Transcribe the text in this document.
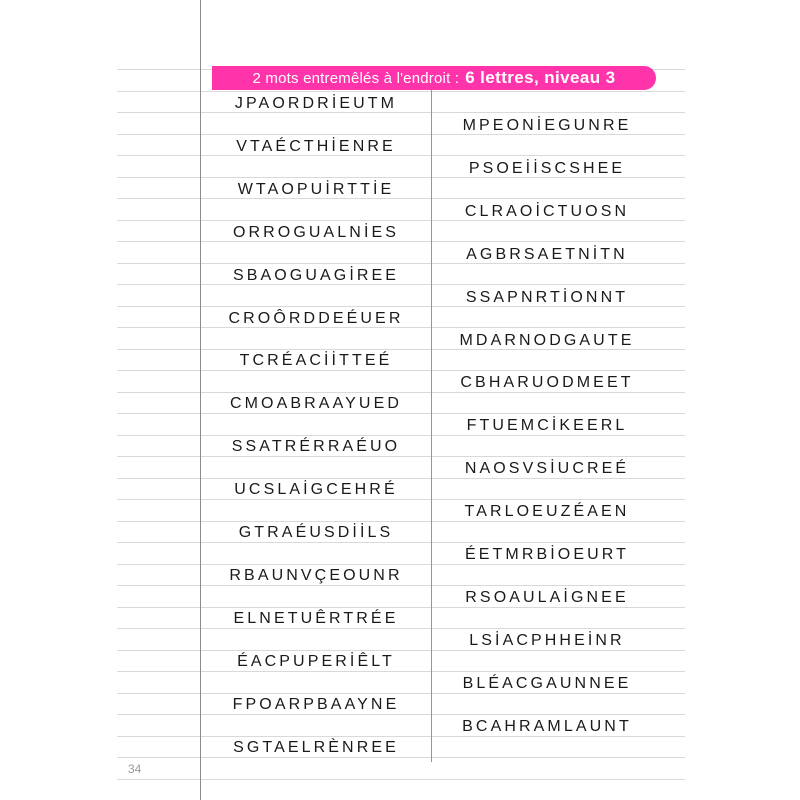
2 mots entremêlés à l'endroit : 6 lettres, niveau 3
JPAORDRİEUTM
VTAÉCTHİENRE
WTAOPUİRTTİE
ORROGUALNİES
SBAOGUAGİREE
CROÔRDDEÉUER
TCRÉACİİTTEÉ
CMOABRAAYUED
SSATRÉRRAÉUO
UCSLAİGCEHRÉ
GTRAÉUSDİİLS
RBAUNVÇEOUNR
ELNETUÊRTRÉE
ÉACPUPERİÊLT
FPOARPBAAYNE
SGTAELRÈNREE
MPEONİEGUNRE
PSOEİİSCSHEE
CLRAOİCTUOSN
AGBRSAETNİTN
SSAPNRTİONNT
MDARNODGAUTE
CBHARUODMEET
FTUEMCİKEERL
NAOSVSİUCREÉ
TARLOEUZÉAEN
ÉETMRBİOEURT
RSOAULAİGNEE
LSİACPHHEİNR
BLÉACGAUNNEE
BCAHRAMLAUNT
34
